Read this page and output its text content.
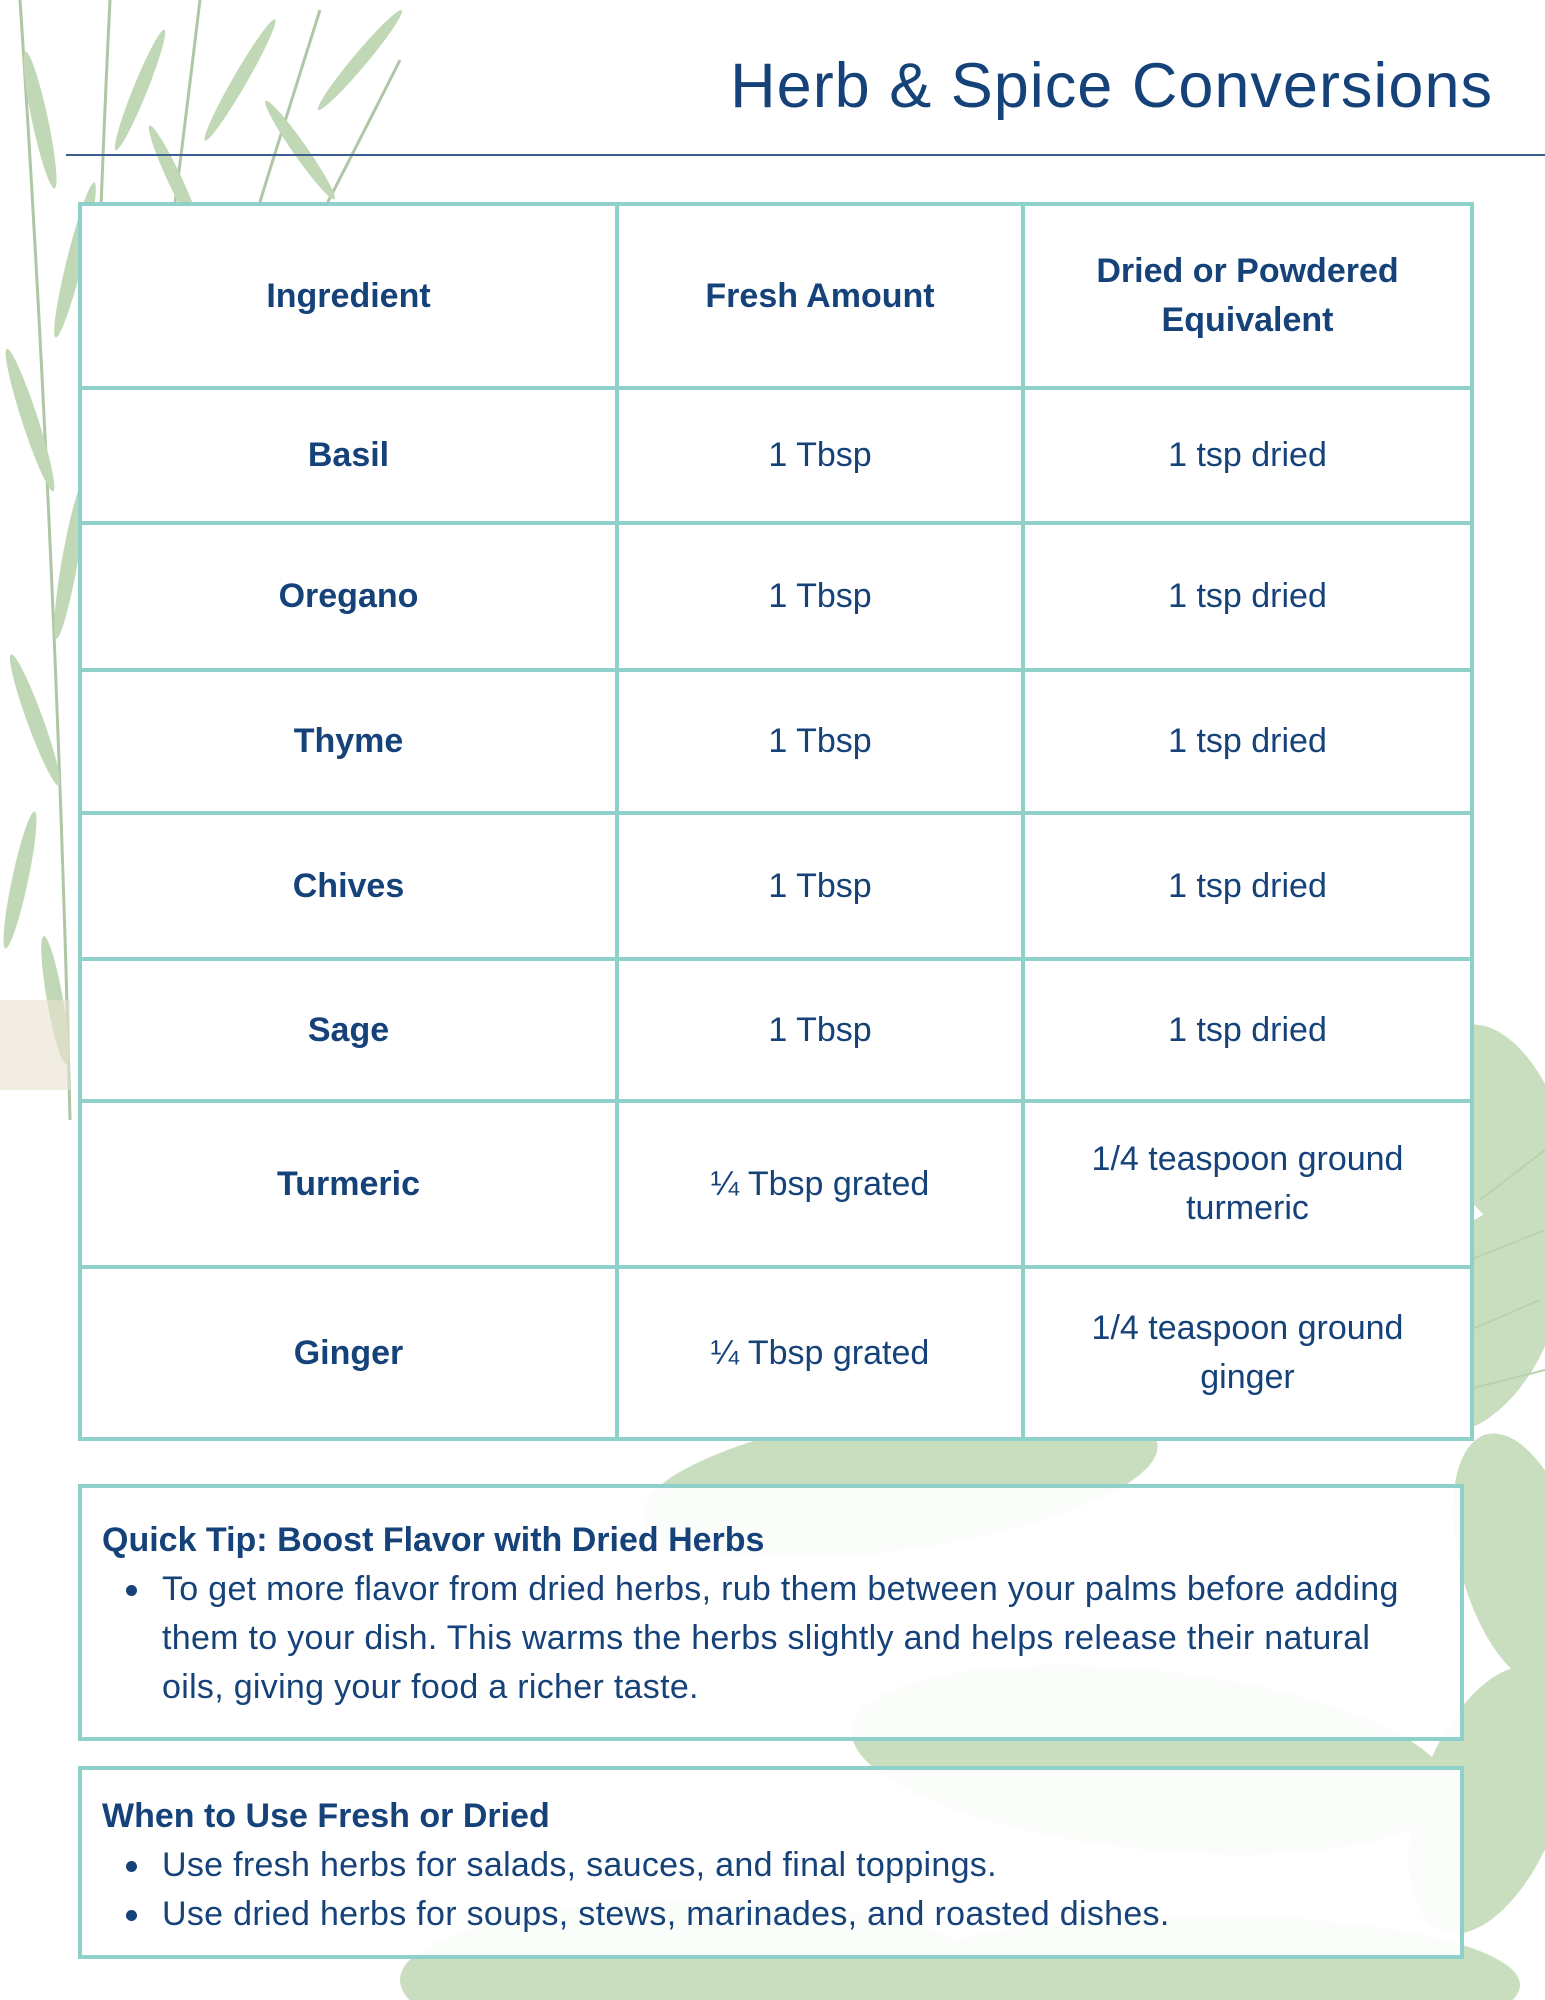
Herb & Spice Conversions
Ingredient	Fresh Amount	Dried or Powdered Equivalent
Basil	1 Tbsp	1 tsp dried
Oregano	1 Tbsp	1 tsp dried
Thyme	1 Tbsp	1 tsp dried
Chives	1 Tbsp	1 tsp dried
Sage	1 Tbsp	1 tsp dried
Turmeric	¼ Tbsp grated	1/4 teaspoon ground turmeric
Ginger	¼ Tbsp grated	1/4 teaspoon ground ginger
Quick Tip: Boost Flavor with Dried Herbs
To get more flavor from dried herbs, rub them between your palms before adding them to your dish. This warms the herbs slightly and helps release their natural oils, giving your food a richer taste.
When to Use Fresh or Dried
Use fresh herbs for salads, sauces, and final toppings.
Use dried herbs for soups, stews, marinades, and roasted dishes.
